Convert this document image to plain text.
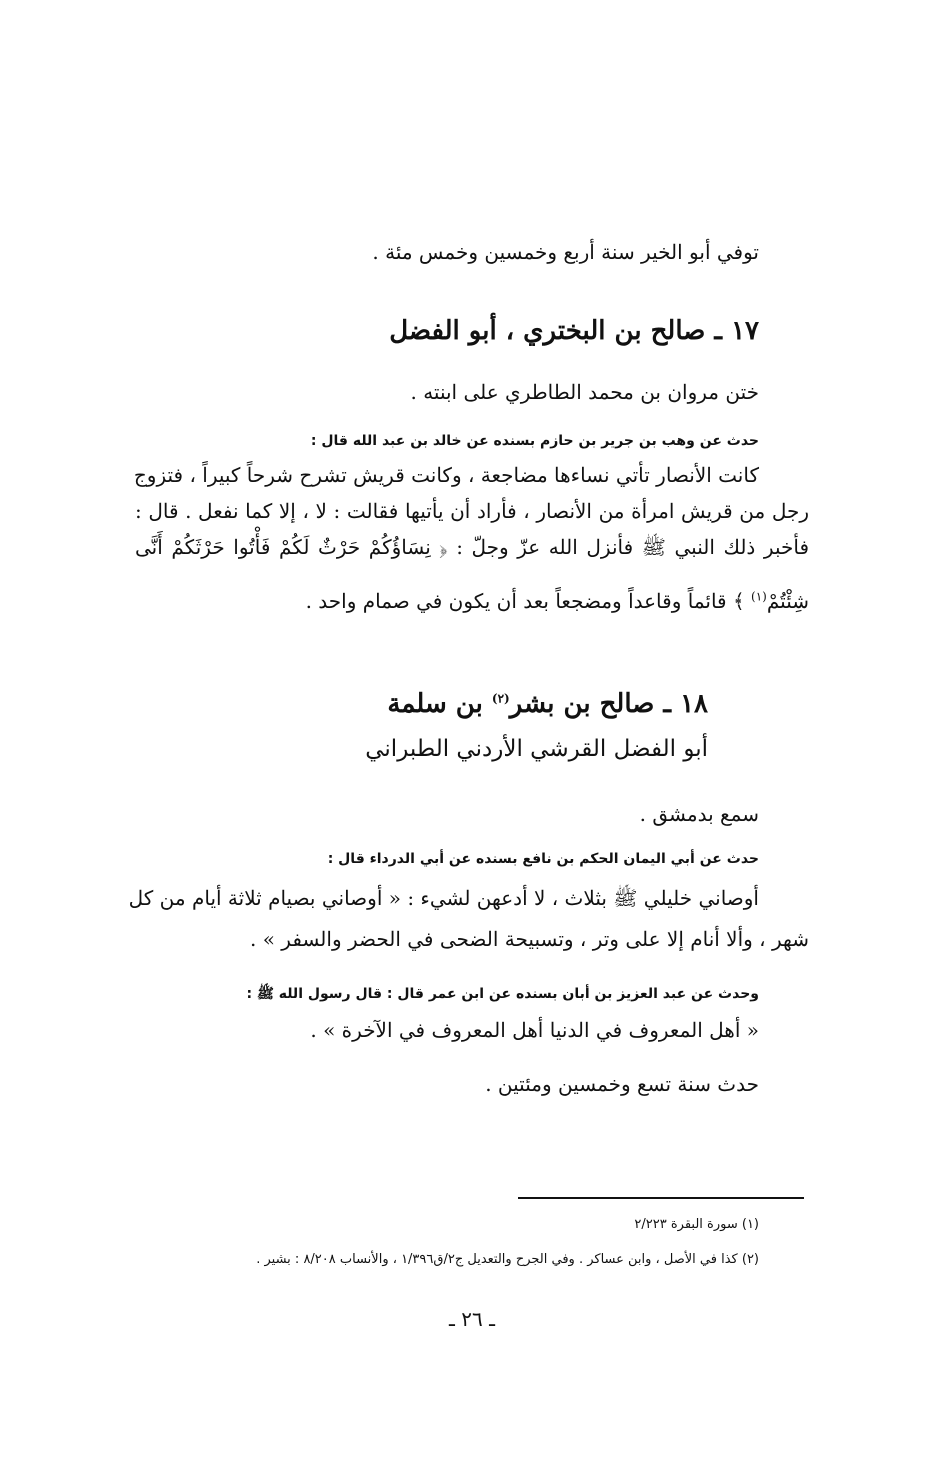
توفي أبو الخير سنة أربع وخمسين وخمس مئة .
١٧ ـ صالح بن البختري ، أبو الفضل
ختن مروان بن محمد الطاطري على ابنته .
حدث عن وهب بن جرير بن حازم بسنده عن خالد بن عبد الله قال :
كانت الأنصار تأتي نساءها مضاجعة ، وكانت قريش تشرح شرحاً كبيراً ، فتزوج
رجل من قريش امرأة من الأنصار ، فأراد أن يأتيها فقالت : لا ، إلا كما نفعل . قال :
فأخبر ذلك النبي ﷺ فأنزل الله عزّ وجلّ : ﴿ نِسَاؤُكُمْ حَرْثٌ لَكُمْ فَأْتُوا حَرْثَكُمْ أَنَّى
شِئْتُمْ$^{(١)}$ ﴾ قائماً وقاعداً ومضجعاً بعد أن يكون في صمام واحد .
١٨ ـ صالح بن بشر$^{(٢)}$ بن سلمة
أبو الفضل القرشي الأردني الطبراني
سمع بدمشق .
حدث عن أبي اليمان الحكم بن نافع بسنده عن أبي الدرداء قال :
أوصاني خليلي ﷺ بثلاث ، لا أدعهن لشيء : « أوصاني بصيام ثلاثة أيام من كل
شهر ، وألا أنام إلا على وتر ، وتسبيحة الضحى في الحضر والسفر » .
وحدث عن عبد العزيز بن أبان بسنده عن ابن عمر قال : قال رسول الله ﷺ :
« أهل المعروف في الدنيا أهل المعروف في الآخرة » .
حدث سنة تسع وخمسين ومئتين .
(١) سورة البقرة ٢/٢٢٣
(٢) كذا في الأصل ، وابن عساكر . وفي الجرح والتعديل ج٢/ق١/٣٩٦ ، والأنساب ٨/٢٠٨ : بشير .
ـ ٢٦ ـ
